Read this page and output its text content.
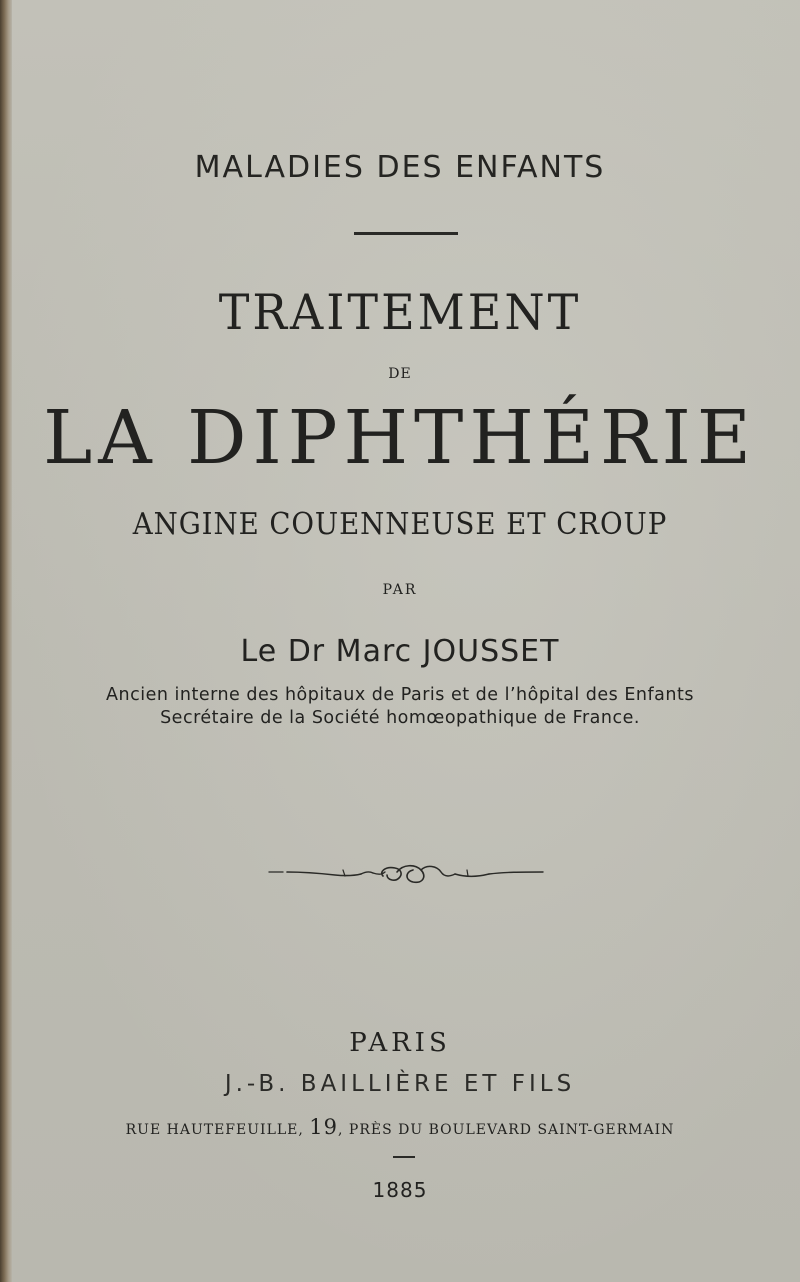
MALADIES DES ENFANTS
TRAITEMENT
DE
LA DIPHTHÉRIE
ANGINE COUENNEUSE ET CROUP
PAR
Le Dr Marc JOUSSET
Ancien interne des hôpitaux de Paris et de l’hôpital des Enfants
Secrétaire de la Société homœopathique de France.
PARIS
J.-B. BAILLIÈRE ET FILS
RUE HAUTEFEUILLE, 19, PRÈS DU BOULEVARD SAINT-GERMAIN
1885
